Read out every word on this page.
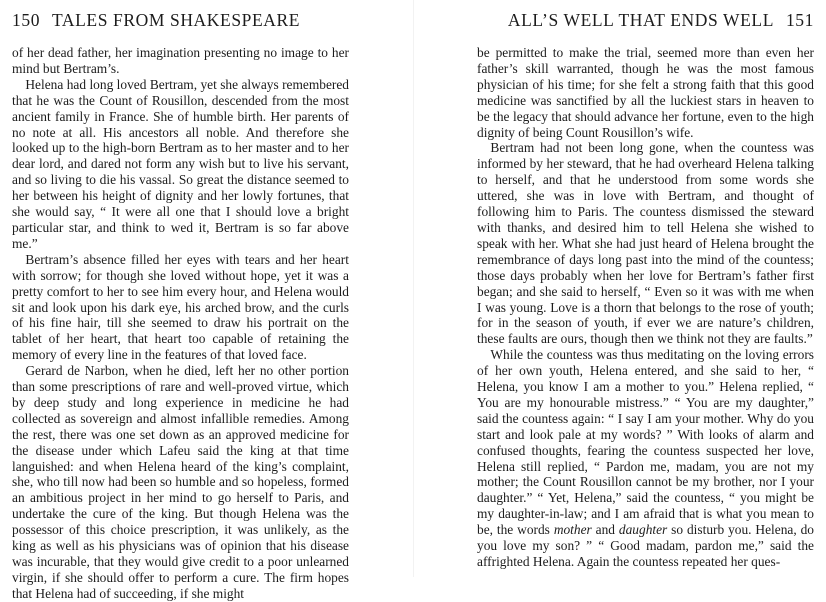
150 TALES FROM SHAKESPEARE

of her dead father, her imagination presenting no image to her mind but Bertram’s.

Helena had long loved Bertram, yet she always remembered that he was the Count of Rousillon, descended from the most ancient family in France. She of humble birth. Her parents of no note at all. His ancestors all noble. And therefore she looked up to the high-born Bertram as to her master and to her dear lord, and dared not form any wish but to live his servant, and so living to die his vassal. So great the distance seemed to her between his height of dignity and her lowly fortunes, that she would say, “ It were all one that I should love a bright particular star, and think to wed it, Bertram is so far above me.”

Bertram’s absence filled her eyes with tears and her heart with sorrow; for though she loved without hope, yet it was a pretty comfort to her to see him every hour, and Helena would sit and look upon his dark eye, his arched brow, and the curls of his fine hair, till she seemed to draw his portrait on the tablet of her heart, that heart too capable of retaining the memory of every line in the features of that loved face.

Gerard de Narbon, when he died, left her no other portion than some prescriptions of rare and well-proved virtue, which by deep study and long experience in medicine he had collected as sovereign and almost infallible remedies. Among the rest, there was one set down as an approved medicine for the disease under which Lafeu said the king at that time languished: and when Helena heard of the king’s complaint, she, who till now had been so humble and so hopeless, formed an ambitious project in her mind to go herself to Paris, and undertake the cure of the king. But though Helena was the possessor of this choice prescription, it was unlikely, as the king as well as his physicians was of opinion that his disease was incurable, that they would give credit to a poor unlearned virgin, if she should offer to perform a cure. The firm hopes that Helena had of succeeding, if she might

ALL’S WELL THAT ENDS WELL 151

be permitted to make the trial, seemed more than even her father’s skill warranted, though he was the most famous physician of his time; for she felt a strong faith that this good medicine was sanctified by all the luckiest stars in heaven to be the legacy that should advance her fortune, even to the high dignity of being Count Rousillon’s wife.

Bertram had not been long gone, when the countess was informed by her steward, that he had overheard Helena talking to herself, and that he understood from some words she uttered, she was in love with Bertram, and thought of following him to Paris. The countess dismissed the steward with thanks, and desired him to tell Helena she wished to speak with her. What she had just heard of Helena brought the remembrance of days long past into the mind of the countess; those days probably when her love for Bertram’s father first began; and she said to herself, “ Even so it was with me when I was young. Love is a thorn that belongs to the rose of youth; for in the season of youth, if ever we are nature’s children, these faults are ours, though then we think not they are faults.”

While the countess was thus meditating on the loving errors of her own youth, Helena entered, and she said to her, “ Helena, you know I am a mother to you.” Helena replied, “ You are my honourable mistress.” “ You are my daughter,” said the countess again: “ I say I am your mother. Why do you start and look pale at my words? ” With looks of alarm and confused thoughts, fearing the countess suspected her love, Helena still replied, “ Pardon me, madam, you are not my mother; the Count Rousillon cannot be my brother, nor I your daughter.” “ Yet, Helena,” said the countess, “ you might be my daughter-in-law; and I am afraid that is what you mean to be, the words mother and daughter so disturb you. Helena, do you love my son? ” “ Good madam, pardon me,” said the affrighted Helena. Again the countess repeated her ques-
